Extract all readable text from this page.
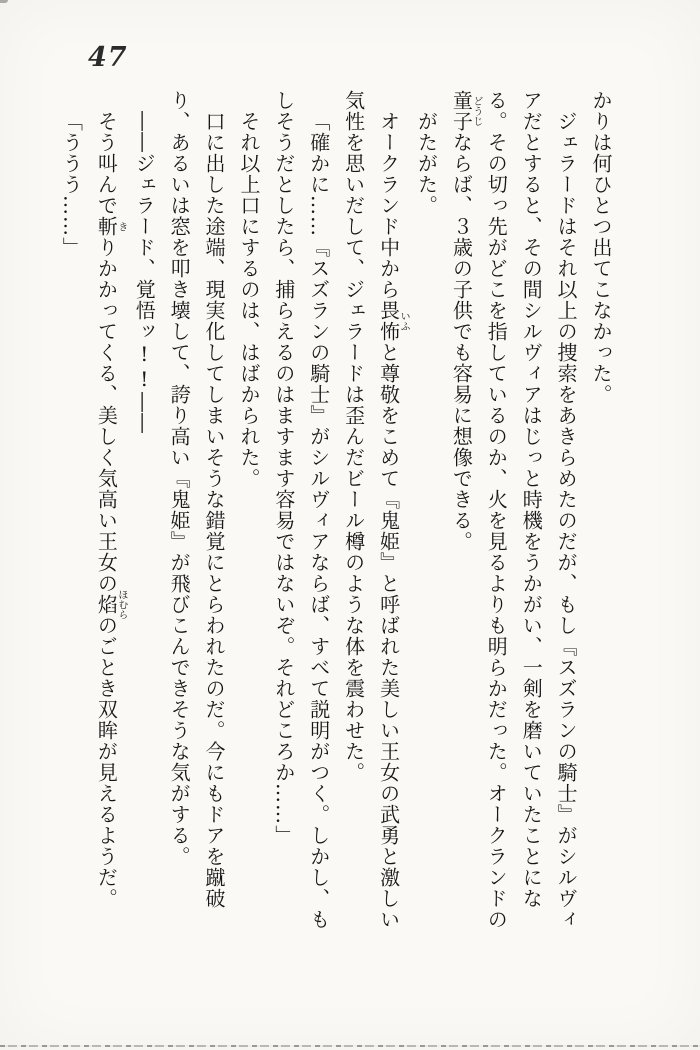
47

かりは何ひとつ出てこなかった。

ジェラードはそれ以上の捜索をあきらめたのだが、もし『スズランの騎士』がシルヴィアだとすると、その間シルヴィアはじっと時機をうかがい、一剣を磨いていたことになる。その切っ先がどこを指しているのか、火を見るよりも明らかだった。オークランドの童子どうじならば、３歳の子供でも容易に想像できる。

がたがた。

オークランド中から畏怖いふと尊敬をこめて『鬼姫』と呼ばれた美しい王女の武勇と激しい気性を思いだして、ジェラードは歪んだビール樽のような体を震わせた。

「確かに……『スズランの騎士』がシルヴィアならば、すべて説明がつく。しかし、もしそうだとしたら、捕らえるのはますます容易ではないぞ。それどころか……」

それ以上口にするのは、はばかられた。

口に出した途端、現実化してしまいそうな錯覚にとらわれたのだ。今にもドアを蹴破り、あるいは窓を叩き壊して、誇り高い『鬼姫』が飛びこんできそうな気がする。

――ジェラード、覚悟ッ!!――

そう叫んで斬きりかかってくる、美しく気高い王女の焰ほむらのごとき双眸が見えるようだ。

「ううう……」
